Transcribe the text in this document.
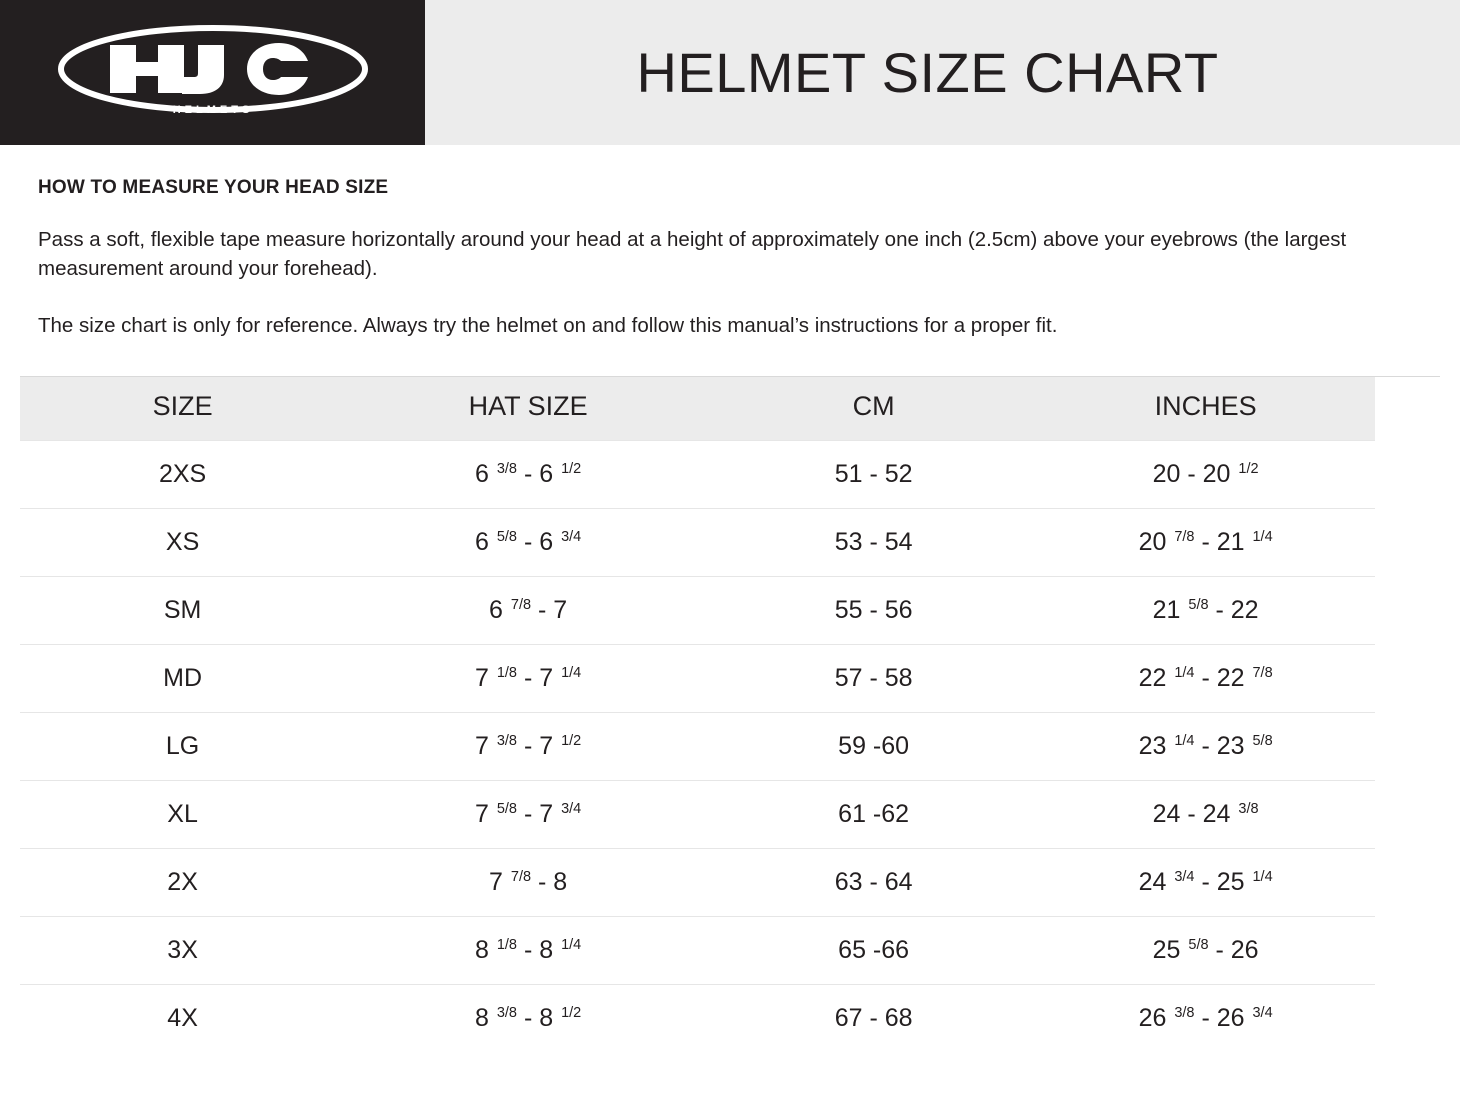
HELMETS
HELMET SIZE CHART
HOW TO MEASURE YOUR HEAD SIZE
Pass a soft, flexible tape measure horizontally around your head at a height of approximately one inch (2.5cm) above your eyebrows (the largest measurement around your forehead).
The size chart is only for reference. Always try the helmet on and follow this manual’s instructions for a proper fit.
SIZE	HAT SIZE	CM	INCHES
2XS	6 $^{3/8}$ - 6 $^{1/2}$	51 - 52	20 - 20 $^{1/2}$
XS	6 $^{5/8}$ - 6 $^{3/4}$	53 - 54	20 $^{7/8}$ - 21 $^{1/4}$
SM	6 $^{7/8}$ - 7	55 - 56	21 $^{5/8}$ - 22
MD	7 $^{1/8}$ - 7 $^{1/4}$	57 - 58	22 $^{1/4}$ - 22 $^{7/8}$
LG	7 $^{3/8}$ - 7 $^{1/2}$	59 -60	23 $^{1/4}$ - 23 $^{5/8}$
XL	7 $^{5/8}$ - 7 $^{3/4}$	61 -62	24 - 24 $^{3/8}$
2X	7 $^{7/8}$ - 8	63 - 64	24 $^{3/4}$ - 25 $^{1/4}$
3X	8 $^{1/8}$ - 8 $^{1/4}$	65 -66	25 $^{5/8}$ - 26
4X	8 $^{3/8}$ - 8 $^{1/2}$	67 - 68	26 $^{3/8}$ - 26 $^{3/4}$
